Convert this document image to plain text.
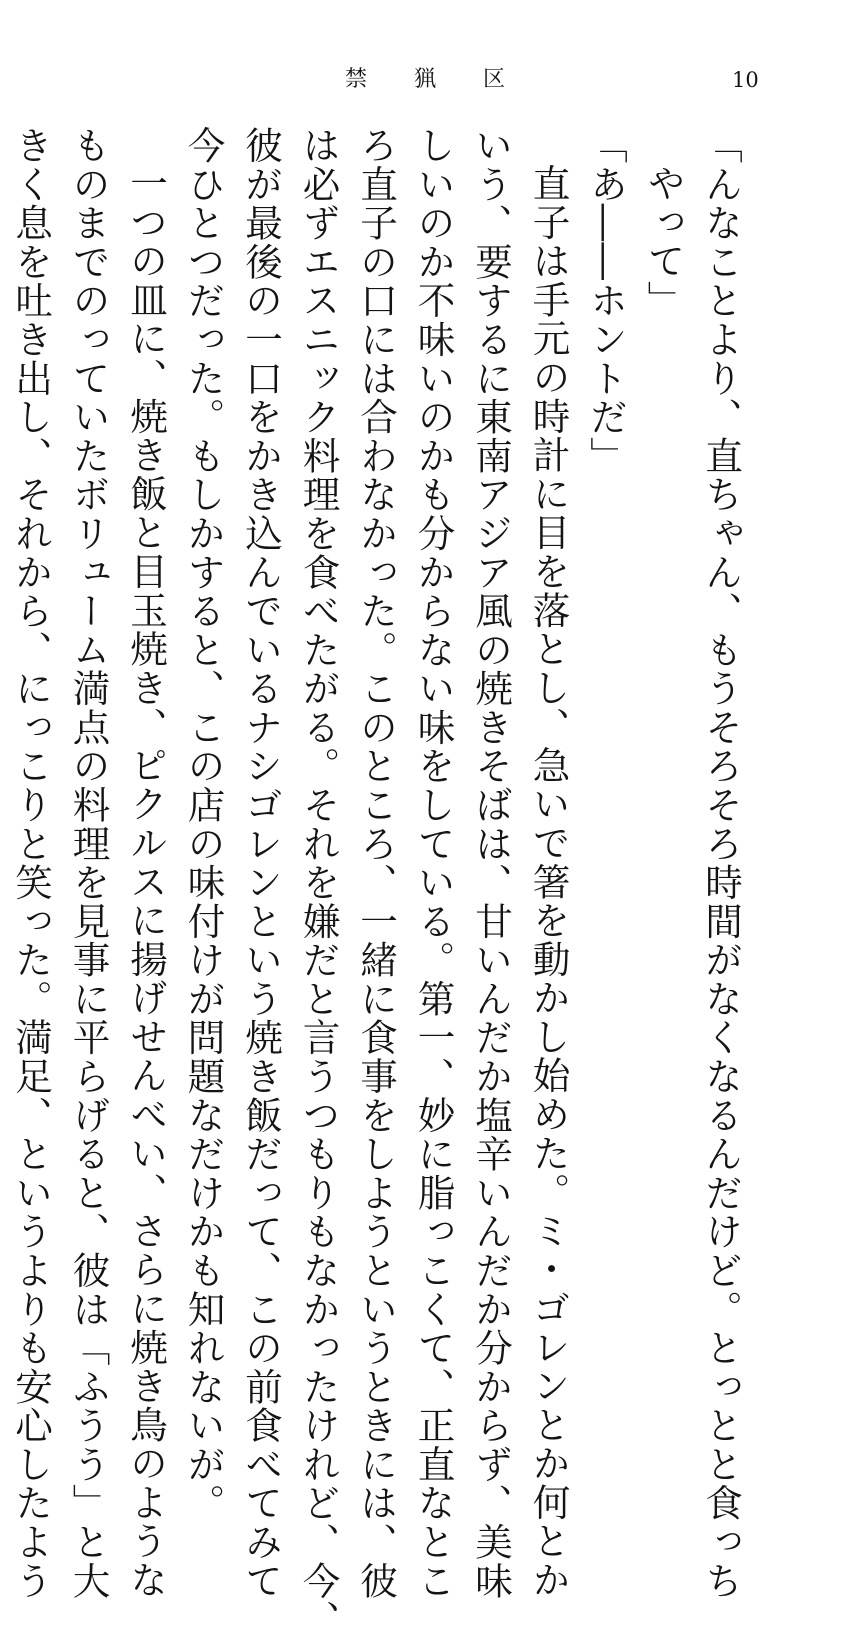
禁 猟 区	10

「んなことより、直ちゃん、もうそろそろ時間がなくなるんだけど。とっとと食っち

やって」

「あ――ホントだ」

直子は手元の時計に目を落とし、急いで箸を動かし始めた。ミ・ゴレンとか何とか

いう、要するに東南アジア風の焼きそばは、甘いんだか塩辛いんだか分からず、美味

しいのか不味いのかも分からない味をしている。第一、妙に脂っこくて、正直なとこ

ろ直子の口には合わなかった。このところ、一緒に食事をしようというときには、彼

は必ずエスニック料理を食べたがる。それを嫌だと言うつもりもなかったけれど、今、

彼が最後の一口をかき込んでいるナシゴレンという焼き飯だって、この前食べてみて

今ひとつだった。もしかすると、この店の味付けが問題なだけかも知れないが。

一つの皿に、焼き飯と目玉焼き、ピクルスに揚げせんべい、さらに焼き鳥のような

ものまでのっていたボリューム満点の料理を見事に平らげると、彼は「ふうう」と大

きく息を吐き出し、それから、にっこりと笑った。満足、というよりも安心したよう
